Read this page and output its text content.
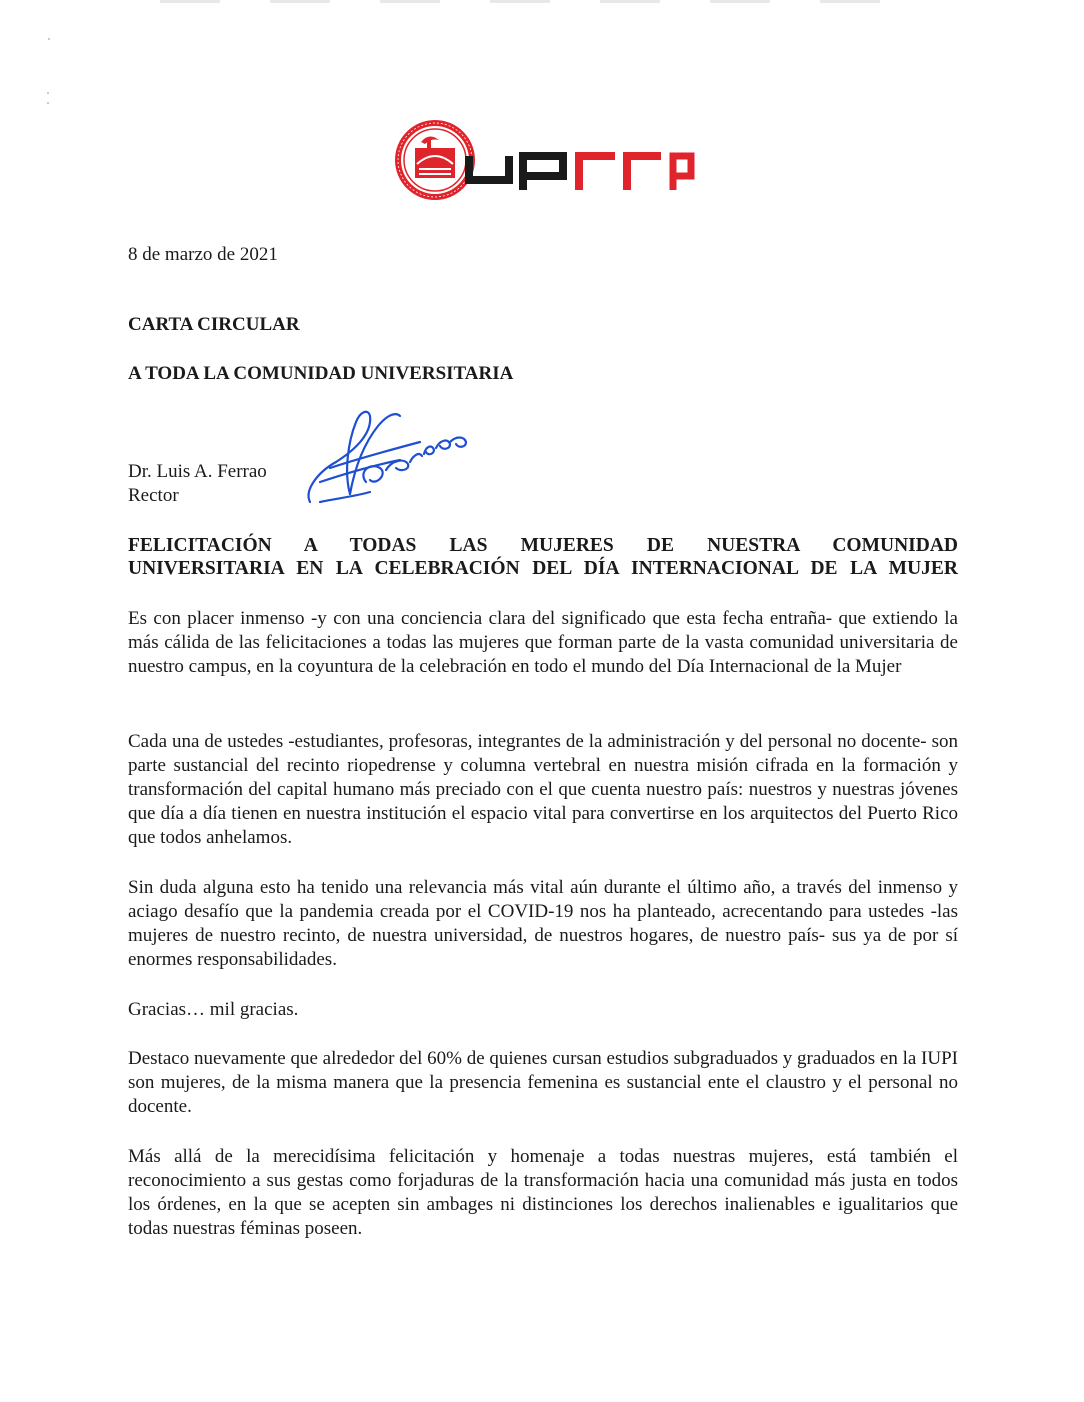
8 de marzo de 2021
CARTA CIRCULAR
A TODA LA COMUNIDAD UNIVERSITARIA
Dr. Luis A. Ferrao
Rector
FELICITACIÓN A TODAS LAS MUJERES DE NUESTRA COMUNIDAD
UNIVERSITARIA EN LA CELEBRACIÓN DEL DÍA INTERNACIONAL DE LA MUJER

Es con placer inmenso -y con una conciencia clara del significado que esta fecha entraña- que extiendo la más cálida de las felicitaciones a todas las mujeres que forman parte de la vasta comunidad universitaria de nuestro campus, en la coyuntura de la celebración en todo el mundo del Día Internacional de la Mujer

Cada una de ustedes -estudiantes, profesoras, integrantes de la administración y del personal no docente- son parte sustancial del recinto riopedrense y columna vertebral en nuestra misión cifrada en la formación y transformación del capital humano más preciado con el que cuenta nuestro país: nuestros y nuestras jóvenes que día a día tienen en nuestra institución el espacio vital para convertirse en los arquitectos del Puerto Rico que todos anhelamos.

Sin duda alguna esto ha tenido una relevancia más vital aún durante el último año, a través del inmenso y aciago desafío que la pandemia creada por el COVID-19 nos ha planteado, acrecentando para ustedes -las mujeres de nuestro recinto, de nuestra universidad, de nuestros hogares, de nuestro país- sus ya de por sí enormes responsabilidades.

Gracias… mil gracias.

Destaco nuevamente que alrededor del 60% de quienes cursan estudios subgraduados y graduados en la IUPI son mujeres, de la misma manera que la presencia femenina es sustancial ente el claustro y el personal no docente.

Más allá de la merecidísima felicitación y homenaje a todas nuestras mujeres, está también el reconocimiento a sus gestas como forjaduras de la transformación hacia una comunidad más justa en todos los órdenes, en la que se acepten sin ambages ni distinciones los derechos inalienables e igualitarios que todas nuestras féminas poseen.
